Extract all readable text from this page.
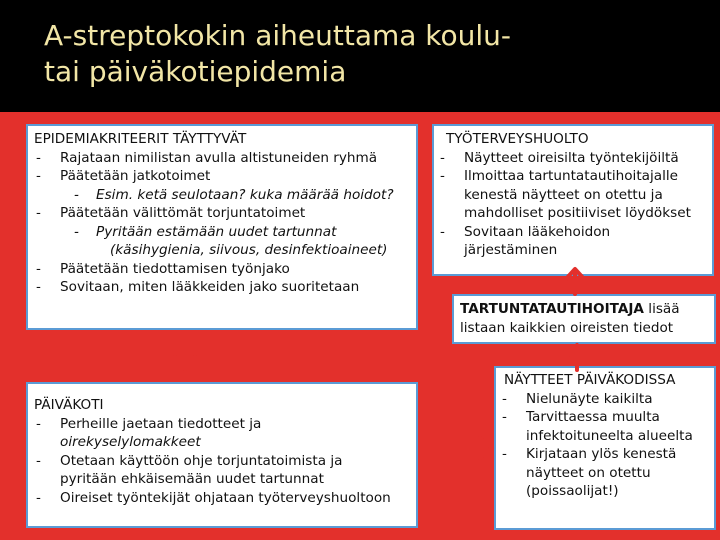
A-streptokokin aiheuttama koulu-
tai päiväkotiepidemia

EPIDEMIAKRITEERIT TÄYTTYVÄT

- Rajataan nimilistan avulla altistuneiden ryhmä
- Päätetään jatkotoimet
- Esim. ketä seulotaan? kuka määrää hoidot?
- Päätetään välittömät torjuntatoimet
- Pyritään estämään uudet tartunnat
(käsihygienia, siivous, desinfektioaineet)
- Päätetään tiedottamisen työnjako
- Sovitaan, miten lääkkeiden jako suoritetaan

PÄIVÄKOTI

- Perheille jaetaan tiedotteet ja
oirekyselylomakkeet
- Otetaan käyttöön ohje torjuntatoimista ja
pyritään ehkäisemään uudet tartunnat
- Oireiset työntekijät ohjataan työterveyshuoltoon

TYÖTERVEYSHUOLTO

- Näytteet oireisilta työntekijöiltä
- Ilmoittaa tartuntatautihoitajalle
kenestä näytteet on otettu ja
mahdolliset positiiviset löydökset
- Sovitaan lääkehoidon
järjestäminen

TARTUNTATAUTIHOITAJA lisää

listaan kaikkien oireisten tiedot

NÄYTTEET PÄIVÄKODISSA

- Nielunäyte kaikilta
- Tarvittaessa muulta
infektoituneelta alueelta
- Kirjataan ylös kenestä
näytteet on otettu
(poissaolijat!)
